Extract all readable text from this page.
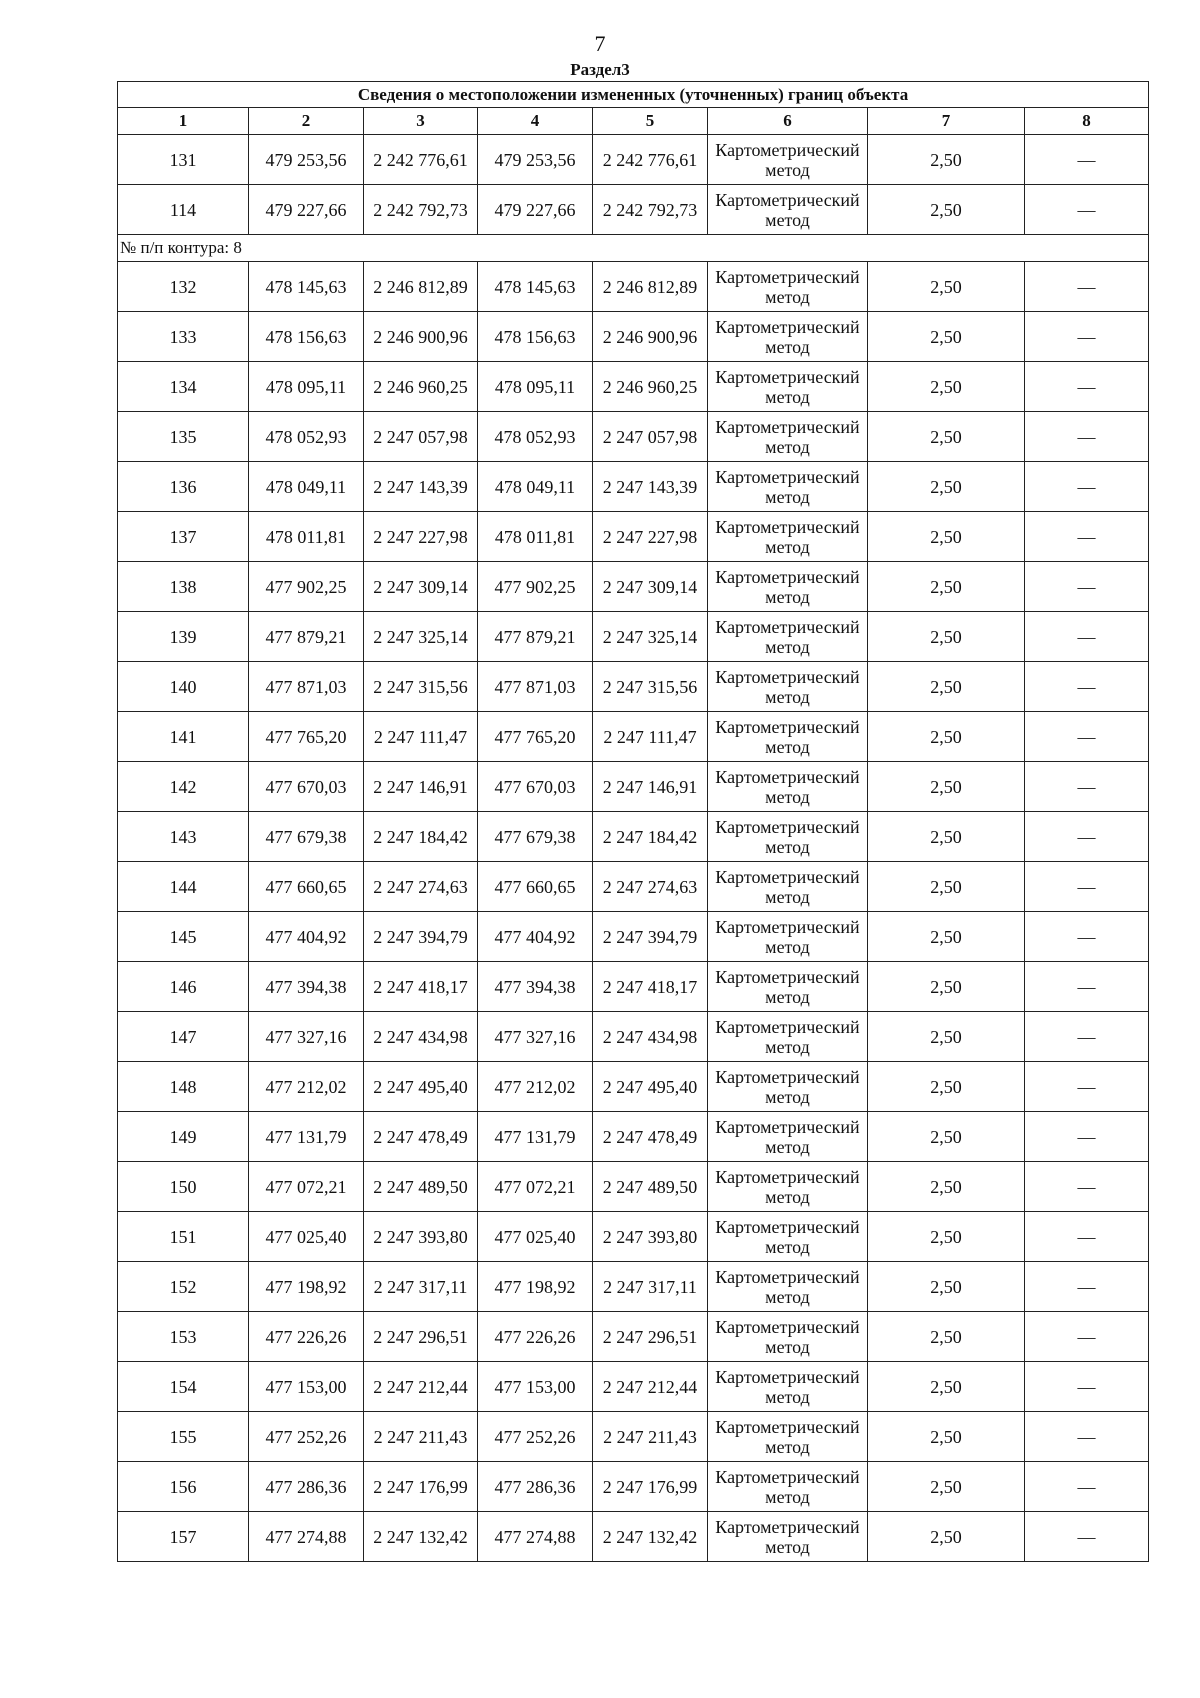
7
Раздел3
Сведения о местоположении измененных (уточненных) границ объекта							
1	2	3	4	5	6	7	8
131	479 253,56	2 242 776,61	479 253,56	2 242 776,61	Картометрический метод	2,50	—
114	479 227,66	2 242 792,73	479 227,66	2 242 792,73	Картометрический метод	2,50	—
№ п/п контура: 8							
132	478 145,63	2 246 812,89	478 145,63	2 246 812,89	Картометрический метод	2,50	—
133	478 156,63	2 246 900,96	478 156,63	2 246 900,96	Картометрический метод	2,50	—
134	478 095,11	2 246 960,25	478 095,11	2 246 960,25	Картометрический метод	2,50	—
135	478 052,93	2 247 057,98	478 052,93	2 247 057,98	Картометрический метод	2,50	—
136	478 049,11	2 247 143,39	478 049,11	2 247 143,39	Картометрический метод	2,50	—
137	478 011,81	2 247 227,98	478 011,81	2 247 227,98	Картометрический метод	2,50	—
138	477 902,25	2 247 309,14	477 902,25	2 247 309,14	Картометрический метод	2,50	—
139	477 879,21	2 247 325,14	477 879,21	2 247 325,14	Картометрический метод	2,50	—
140	477 871,03	2 247 315,56	477 871,03	2 247 315,56	Картометрический метод	2,50	—
141	477 765,20	2 247 111,47	477 765,20	2 247 111,47	Картометрический метод	2,50	—
142	477 670,03	2 247 146,91	477 670,03	2 247 146,91	Картометрический метод	2,50	—
143	477 679,38	2 247 184,42	477 679,38	2 247 184,42	Картометрический метод	2,50	—
144	477 660,65	2 247 274,63	477 660,65	2 247 274,63	Картометрический метод	2,50	—
145	477 404,92	2 247 394,79	477 404,92	2 247 394,79	Картометрический метод	2,50	—
146	477 394,38	2 247 418,17	477 394,38	2 247 418,17	Картометрический метод	2,50	—
147	477 327,16	2 247 434,98	477 327,16	2 247 434,98	Картометрический метод	2,50	—
148	477 212,02	2 247 495,40	477 212,02	2 247 495,40	Картометрический метод	2,50	—
149	477 131,79	2 247 478,49	477 131,79	2 247 478,49	Картометрический метод	2,50	—
150	477 072,21	2 247 489,50	477 072,21	2 247 489,50	Картометрический метод	2,50	—
151	477 025,40	2 247 393,80	477 025,40	2 247 393,80	Картометрический метод	2,50	—
152	477 198,92	2 247 317,11	477 198,92	2 247 317,11	Картометрический метод	2,50	—
153	477 226,26	2 247 296,51	477 226,26	2 247 296,51	Картометрический метод	2,50	—
154	477 153,00	2 247 212,44	477 153,00	2 247 212,44	Картометрический метод	2,50	—
155	477 252,26	2 247 211,43	477 252,26	2 247 211,43	Картометрический метод	2,50	—
156	477 286,36	2 247 176,99	477 286,36	2 247 176,99	Картометрический метод	2,50	—
157	477 274,88	2 247 132,42	477 274,88	2 247 132,42	Картометрический метод	2,50	—
